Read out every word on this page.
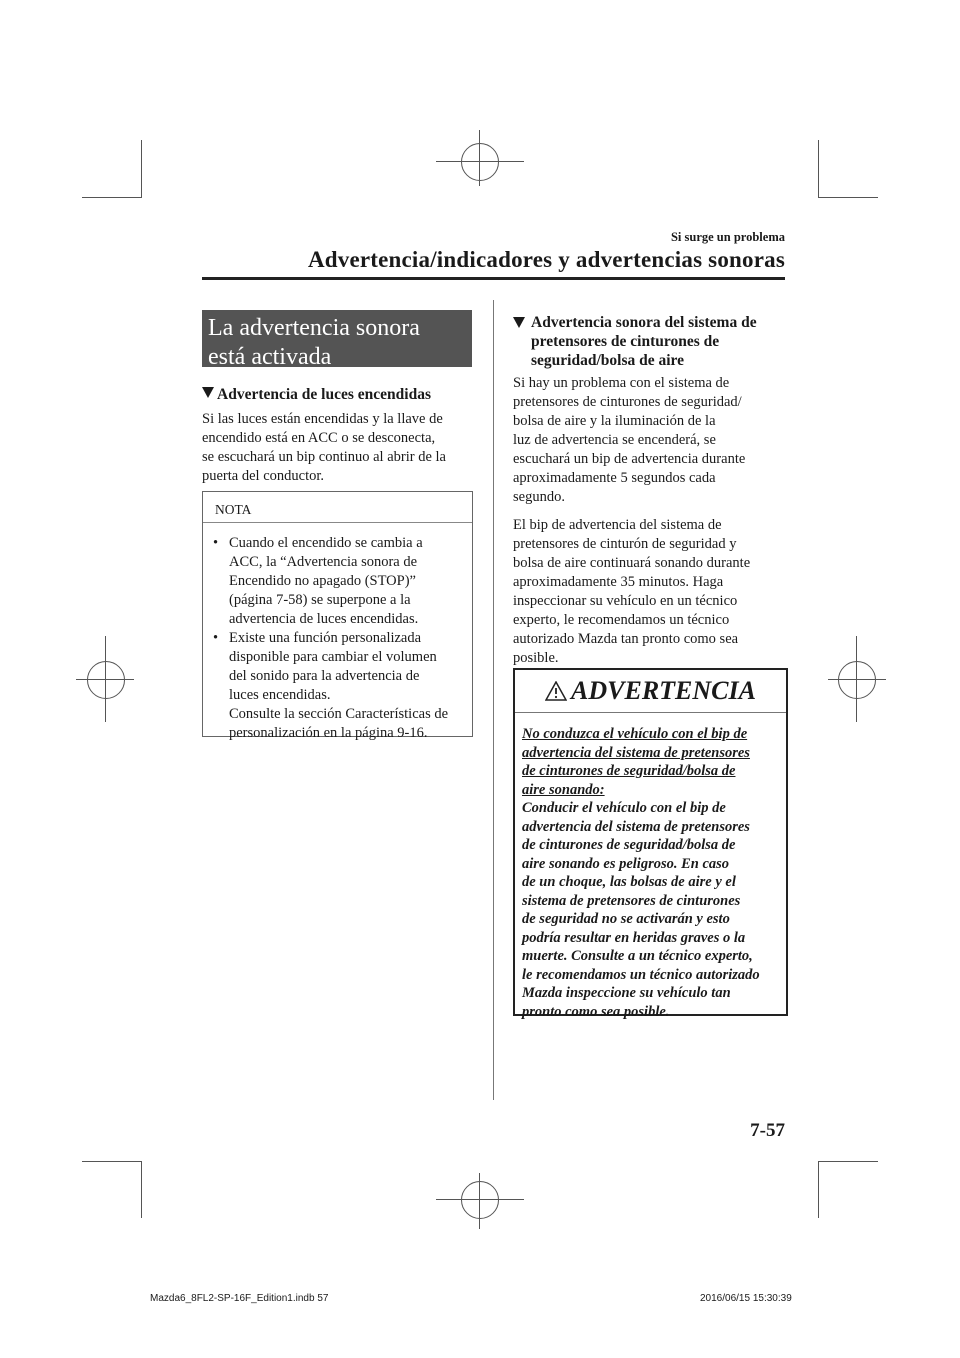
Si surge un problema
Advertencia/indicadores y advertencias sonoras
La advertencia sonora
está activada
Advertencia de luces encendidas
Si las luces están encendidas y la llave de
encendido está en ACC o se desconecta,
se escuchará un bip continuo al abrir de la
puerta del conductor.
NOTA
• Cuando el encendido se cambia a
ACC, la “Advertencia sonora de
Encendido no apagado (STOP)”
(página 7-58) se superpone a la
advertencia de luces encendidas.
• Existe una función personalizada
disponible para cambiar el volumen
del sonido para la advertencia de
luces encendidas.
Consulte la sección Características de
personalización en la página 9-16.
Advertencia sonora del sistema de
pretensores de cinturones de
seguridad/bolsa de aire
Si hay un problema con el sistema de
pretensores de cinturones de seguridad/
bolsa de aire y la iluminación de la
luz de advertencia se encenderá, se
escuchará un bip de advertencia durante
aproximadamente 5 segundos cada
segundo.
El bip de advertencia del sistema de
pretensores de cinturón de seguridad y
bolsa de aire continuará sonando durante
aproximadamente 35 minutos. Haga
inspeccionar su vehículo en un técnico
experto, le recomendamos un técnico
autorizado Mazda tan pronto como sea
posible.
ADVERTENCIA
No conduzca el vehículo con el bip de
advertencia del sistema de pretensores
de cinturones de seguridad/bolsa de
aire sonando:
Conducir el vehículo con el bip de
advertencia del sistema de pretensores
de cinturones de seguridad/bolsa de
aire sonando es peligroso. En caso
de un choque, las bolsas de aire y el
sistema de pretensores de cinturones
de seguridad no se activarán y esto
podría resultar en heridas graves o la
muerte. Consulte a un técnico experto,
le recomendamos un técnico autorizado
Mazda inspeccione su vehículo tan
pronto como sea posible.
7-57
Mazda6_8FL2-SP-16F_Edition1.indb 57	2016/06/15 15:30:39
